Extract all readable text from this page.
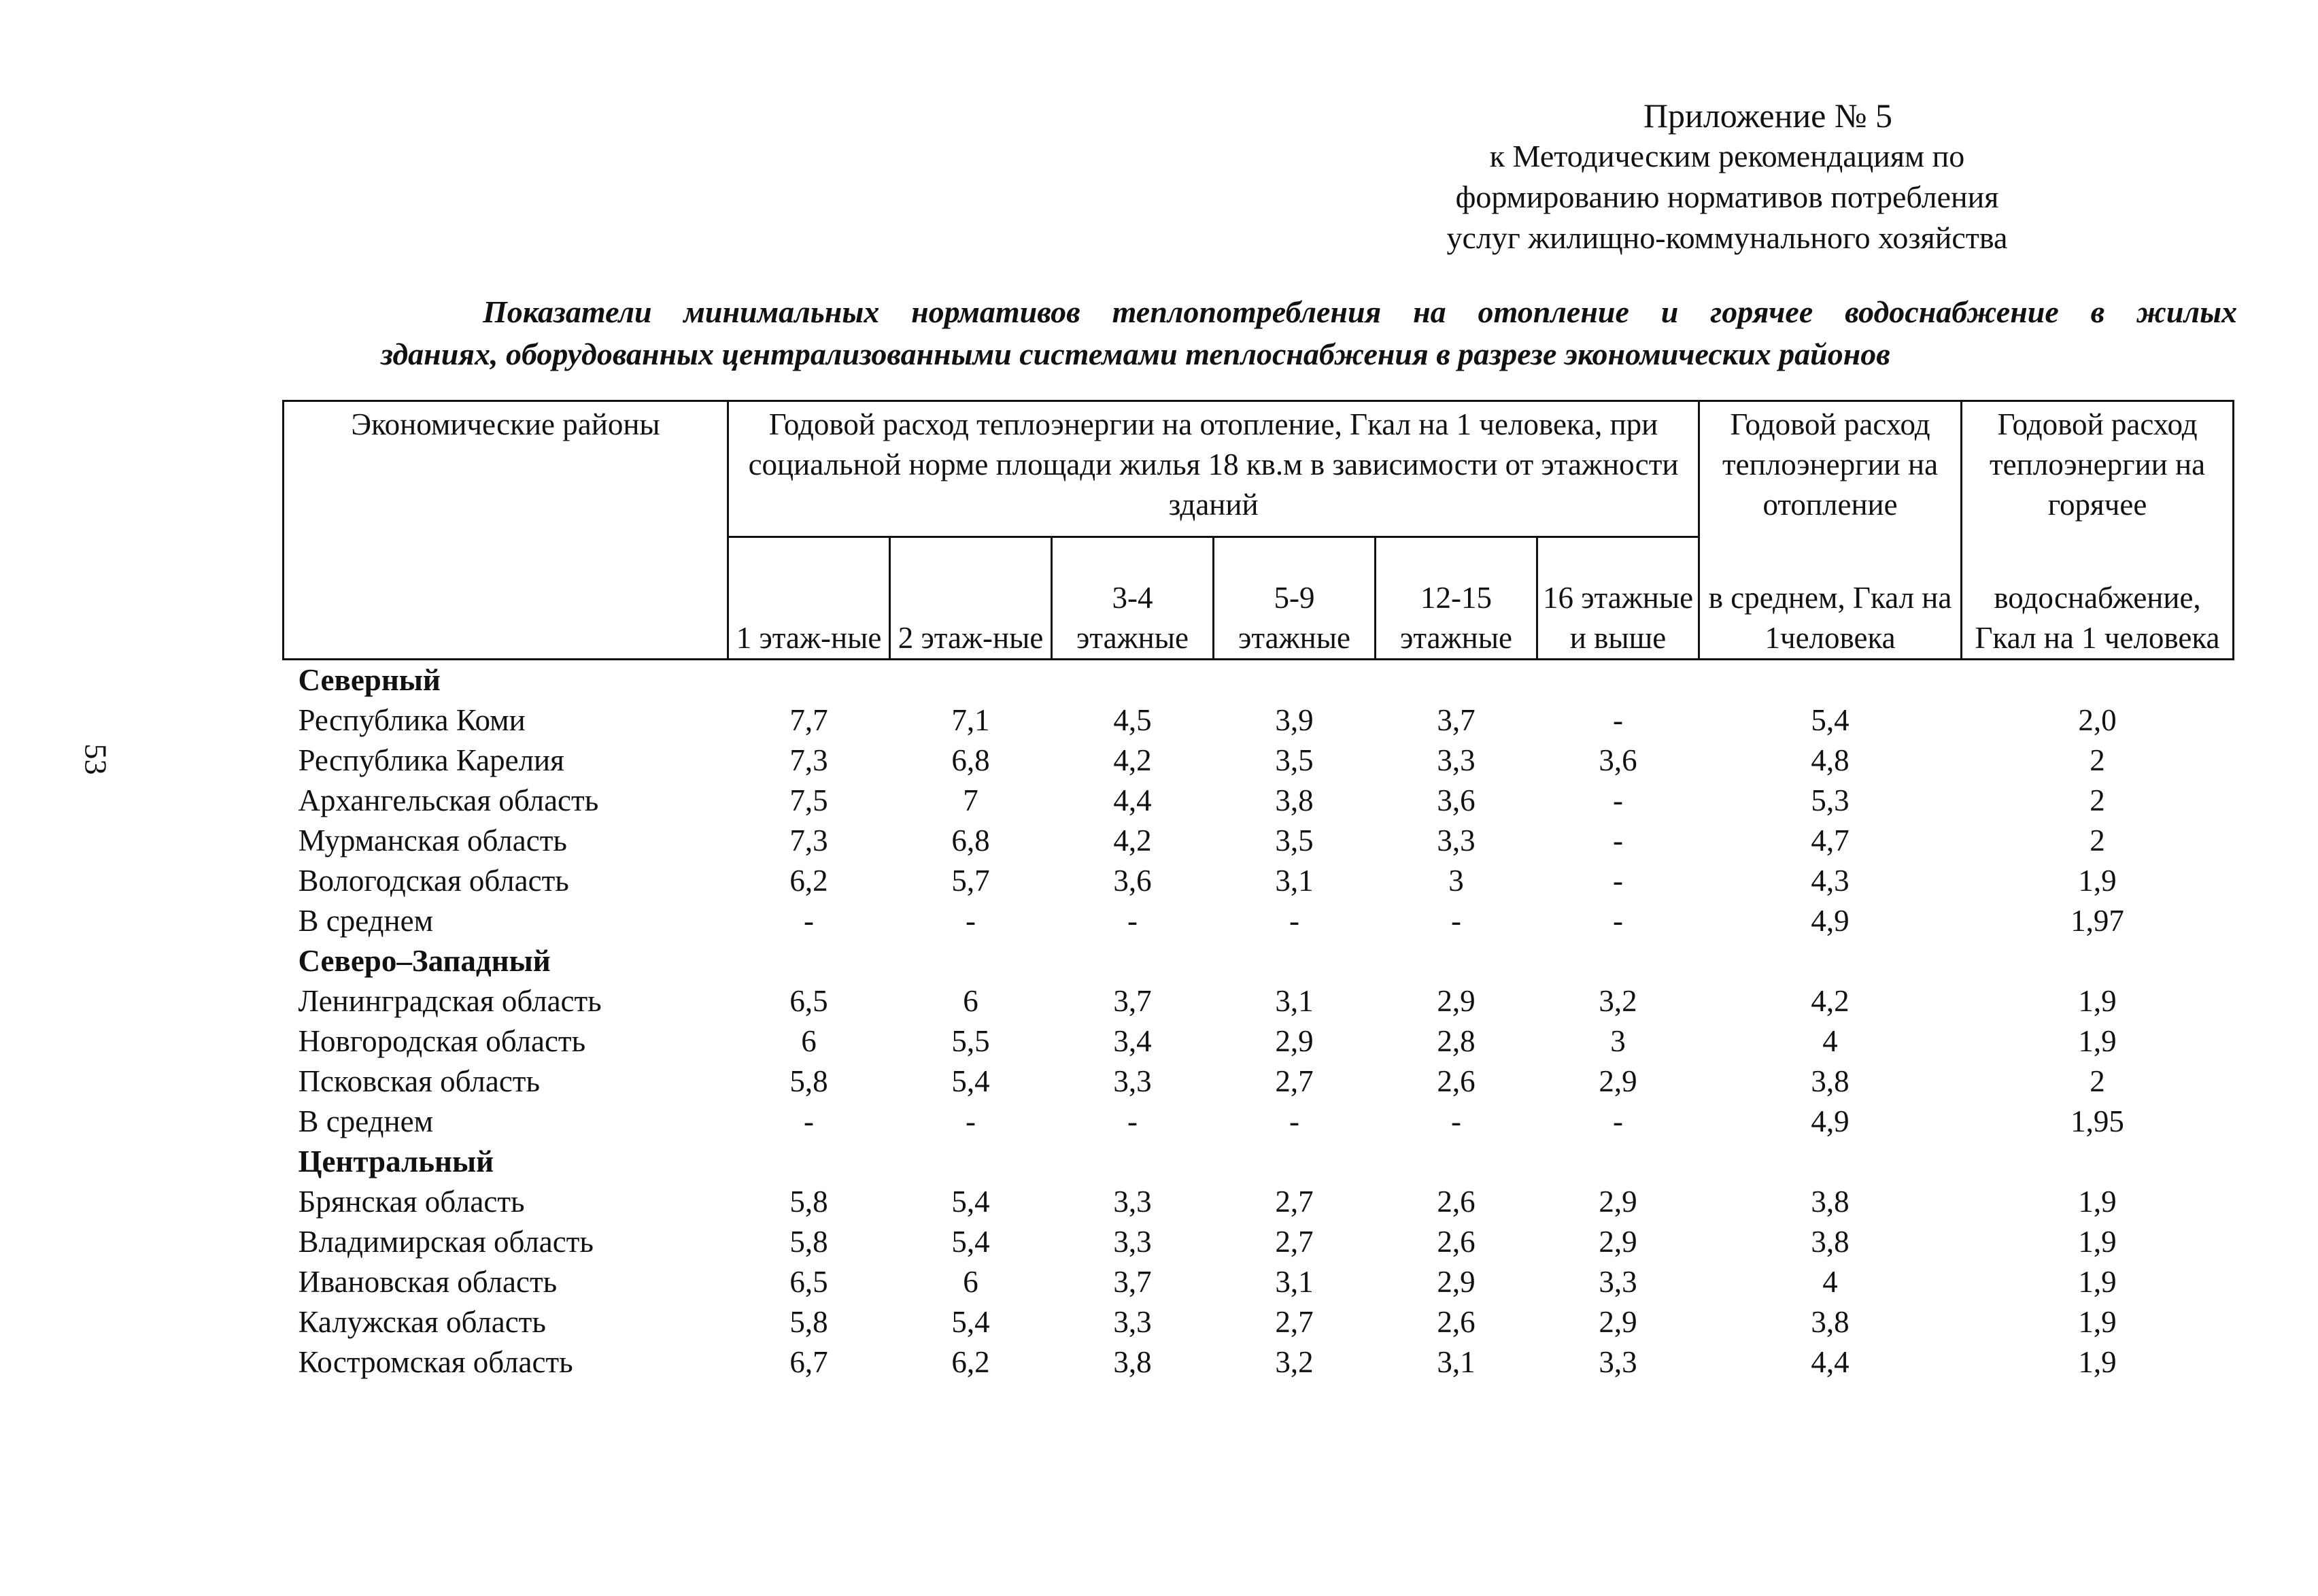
53
Приложение № 5
к Методическим рекомендациям по
формированию нормативов потребления
услуг жилищно-коммунального хозяйства
Показатели минимальных нормативов теплопотребления на отопление и горячее водоснабжение в жилых
зданиях, оборудованных централизованными системами теплоснабжения в разрезе экономических районов
Экономические районы	Годовой расход теплоэнергии на отопление, Гкал на 1 человека, при социальной норме площади жилья 18 кв.м в зависимости от этажности зданий						Годовой расход теплоэнергии на отопление	Годовой расход теплоэнергии на горячее
	1 этаж-ные	2 этаж-ные	3-4 этажные	5-9 этажные	12-15 этажные	16 этажные и выше	в среднем, Гкал на 1человека	водоснабжение, Гкал на 1 человека
Северный								
Республика Коми	7,7	7,1	4,5	3,9	3,7	-	5,4	2,0
Республика Карелия	7,3	6,8	4,2	3,5	3,3	3,6	4,8	2
Архангельская область	7,5	7	4,4	3,8	3,6	-	5,3	2
Мурманская область	7,3	6,8	4,2	3,5	3,3	-	4,7	2
Вологодская область	6,2	5,7	3,6	3,1	3	-	4,3	1,9
В среднем	-	-	-	-	-	-	4,9	1,97
Северо–Западный								
Ленинградская область	6,5	6	3,7	3,1	2,9	3,2	4,2	1,9
Новгородская область	6	5,5	3,4	2,9	2,8	3	4	1,9
Псковская область	5,8	5,4	3,3	2,7	2,6	2,9	3,8	2
В среднем	-	-	-	-	-	-	4,9	1,95
Центральный								
Брянская область	5,8	5,4	3,3	2,7	2,6	2,9	3,8	1,9
Владимирская область	5,8	5,4	3,3	2,7	2,6	2,9	3,8	1,9
Ивановская область	6,5	6	3,7	3,1	2,9	3,3	4	1,9
Калужская область	5,8	5,4	3,3	2,7	2,6	2,9	3,8	1,9
Костромская область	6,7	6,2	3,8	3,2	3,1	3,3	4,4	1,9
